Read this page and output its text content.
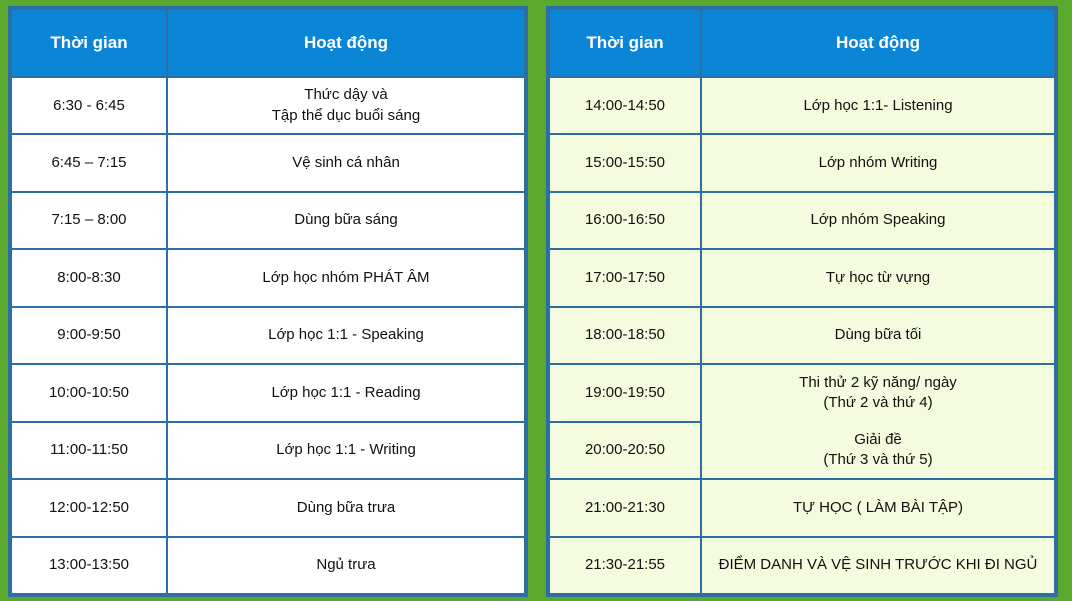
Thời gian	Hoạt động
6:30 - 6:45	Thức dậy và
Tập thể dục buổi sáng

6:45 – 7:15	Vệ sinh cá nhân

7:15 – 8:00	Dùng bữa sáng

8:00-8:30	Lớp học nhóm PHÁT ÂM

9:00-9:50	Lớp học 1:1 - Speaking

10:00-10:50	Lớp học 1:1 - Reading

11:00-11:50	Lớp học 1:1 - Writing

12:00-12:50	Dùng bữa trưa

13:00-13:50	Ngủ trưa
Thời gian	Hoạt động
14:00-14:50	Lớp học 1:1- Listening

15:00-15:50	Lớp nhóm Writing

16:00-16:50	Lớp nhóm Speaking

17:00-17:50	Tự học từ vựng

18:00-18:50	Dùng bữa tối

19:00-19:50	Thi thử 2 kỹ năng/ ngày
(Thứ 2 và thứ 4)

20:00-20:50	Giải đề
(Thứ 3 và thứ 5)

21:00-21:30	TỰ HỌC ( LÀM BÀI TẬP)

21:30-21:55	ĐIỂM DANH VÀ VỆ SINH TRƯỚC KHI ĐI NGỦ
